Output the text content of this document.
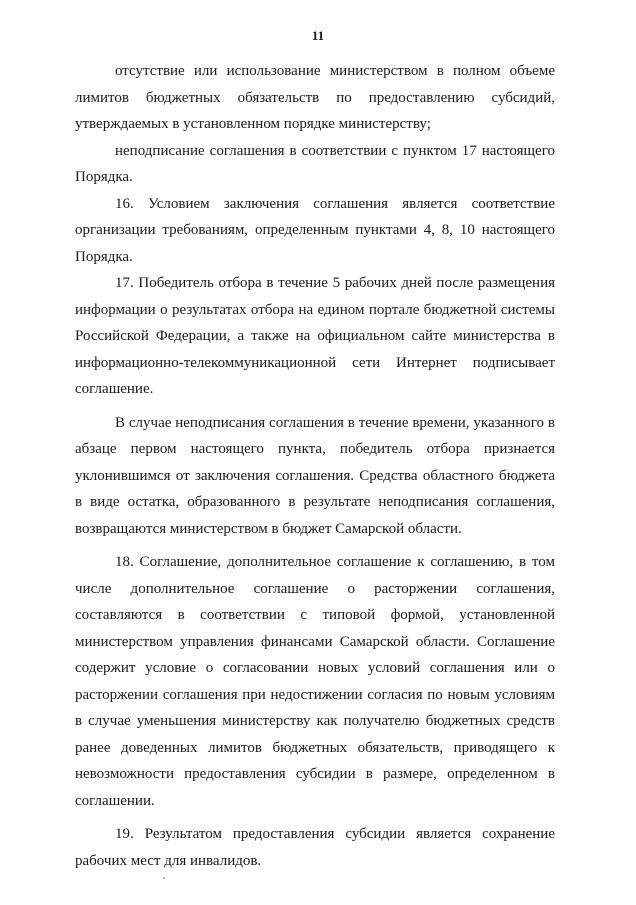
11

отсутствие или использование министерством в полном объеме лимитов бюджетных обязательств по предоставлению субсидий, утверждаемых в установленном порядке министерству;

неподписание соглашения в соответствии с пунктом 17 настоящего Порядка.

16. Условием заключения соглашения является соответствие организации требованиям, определенным пунктами 4, 8, 10 настоящего Порядка.

17. Победитель отбора в течение 5 рабочих дней после размещения информации о результатах отбора на едином портале бюджетной системы Российской Федерации, а также на официальном сайте министерства в информационно-телекоммуникационной сети Интернет подписывает соглашение.

В случае неподписания соглашения в течение времени, указанного в абзаце первом настоящего пункта, победитель отбора признается уклонившимся от заключения соглашения. Средства областного бюджета в виде остатка, образованного в результате неподписания соглашения, возвращаются министерством в бюджет Самарской области.

18. Соглашение, дополнительное соглашение к соглашению, в том числе дополнительное соглашение о расторжении соглашения, составляются в соответствии с типовой формой, установленной министерством управления финансами Самарской области. Соглашение содержит условие о согласовании новых условий соглашения или о расторжении соглашения при недостижении согласия по новым условиям в случае уменьшения министерству как получателю бюджетных средств ранее доведенных лимитов бюджетных обязательств, приводящего к невозможности предоставления субсидии в размере, определенном в соглашении.

19. Результатом предоставления субсидии является сохранение рабочих мест для инвалидов.
